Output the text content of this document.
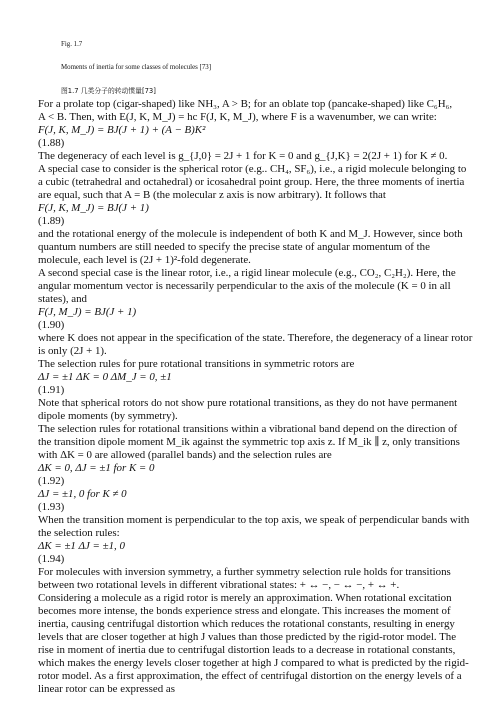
Fig. 1.7
Moments of inertia for some classes of molecules [73]
图1.7 几类分子的转动惯量[73]
For a prolate top (cigar-shaped) like NH₃, A > B; for an oblate top (pancake-shaped) like C₆H₆,
A < B. Then, with E(J, K, M_J) = hc F(J, K, M_J), where F is a wavenumber, we can write:
F(J, K, M_J) = BJ(J + 1) + (A − B)K²
(1.88)
The degeneracy of each level is g_{J,0} = 2J + 1 for K = 0 and g_{J,K} = 2(2J + 1) for K ≠ 0.
A special case to consider is the spherical rotor (e.g.. CH₄, SF₆), i.e., a rigid molecule belonging to
a cubic (tetrahedral and octahedral) or icosahedral point group. Here, the three moments of inertia
are equal, such that A = B (the molecular z axis is now arbitrary). It follows that
F(J, K, M_J) = BJ(J + 1)
(1.89)
and the rotational energy of the molecule is independent of both K and M_J. However, since both
quantum numbers are still needed to specify the precise state of angular momentum of the
molecule, each level is (2J + 1)²-fold degenerate.
A second special case is the linear rotor, i.e., a rigid linear molecule (e.g., CO₂, C₂H₂). Here, the
angular momentum vector is necessarily perpendicular to the axis of the molecule (K = 0 in all
states), and
F(J, M_J) = BJ(J + 1)
(1.90)
where K does not appear in the specification of the state. Therefore, the degeneracy of a linear rotor
is only (2J + 1).
The selection rules for pure rotational transitions in symmetric rotors are
ΔJ = ±1 ΔK = 0 ΔM_J = 0, ±1
(1.91)
Note that spherical rotors do not show pure rotational transitions, as they do not have permanent
dipole moments (by symmetry).
The selection rules for rotational transitions within a vibrational band depend on the direction of
the transition dipole moment M_ik against the symmetric top axis z. If M_ik ∥ z, only transitions
with ΔK = 0 are allowed (parallel bands) and the selection rules are
ΔK = 0, ΔJ = ±1 for K = 0
(1.92)
ΔJ = ±1, 0 for K ≠ 0
(1.93)
When the transition moment is perpendicular to the top axis, we speak of perpendicular bands with
the selection rules:
ΔK = ±1 ΔJ = ±1, 0
(1.94)
For molecules with inversion symmetry, a further symmetry selection rule holds for transitions
between two rotational levels in different vibrational states: + ↔ −, − ↔ −, + ↔ +.
Considering a molecule as a rigid rotor is merely an approximation. When rotational excitation
becomes more intense, the bonds experience stress and elongate. This increases the moment of
inertia, causing centrifugal distortion which reduces the rotational constants, resulting in energy
levels that are closer together at high J values than those predicted by the rigid-rotor model. The
rise in moment of inertia due to centrifugal distortion leads to a decrease in rotational constants,
which makes the energy levels closer together at high J compared to what is predicted by the rigid-
rotor model. As a first approximation, the effect of centrifugal distortion on the energy levels of a
linear rotor can be expressed as
